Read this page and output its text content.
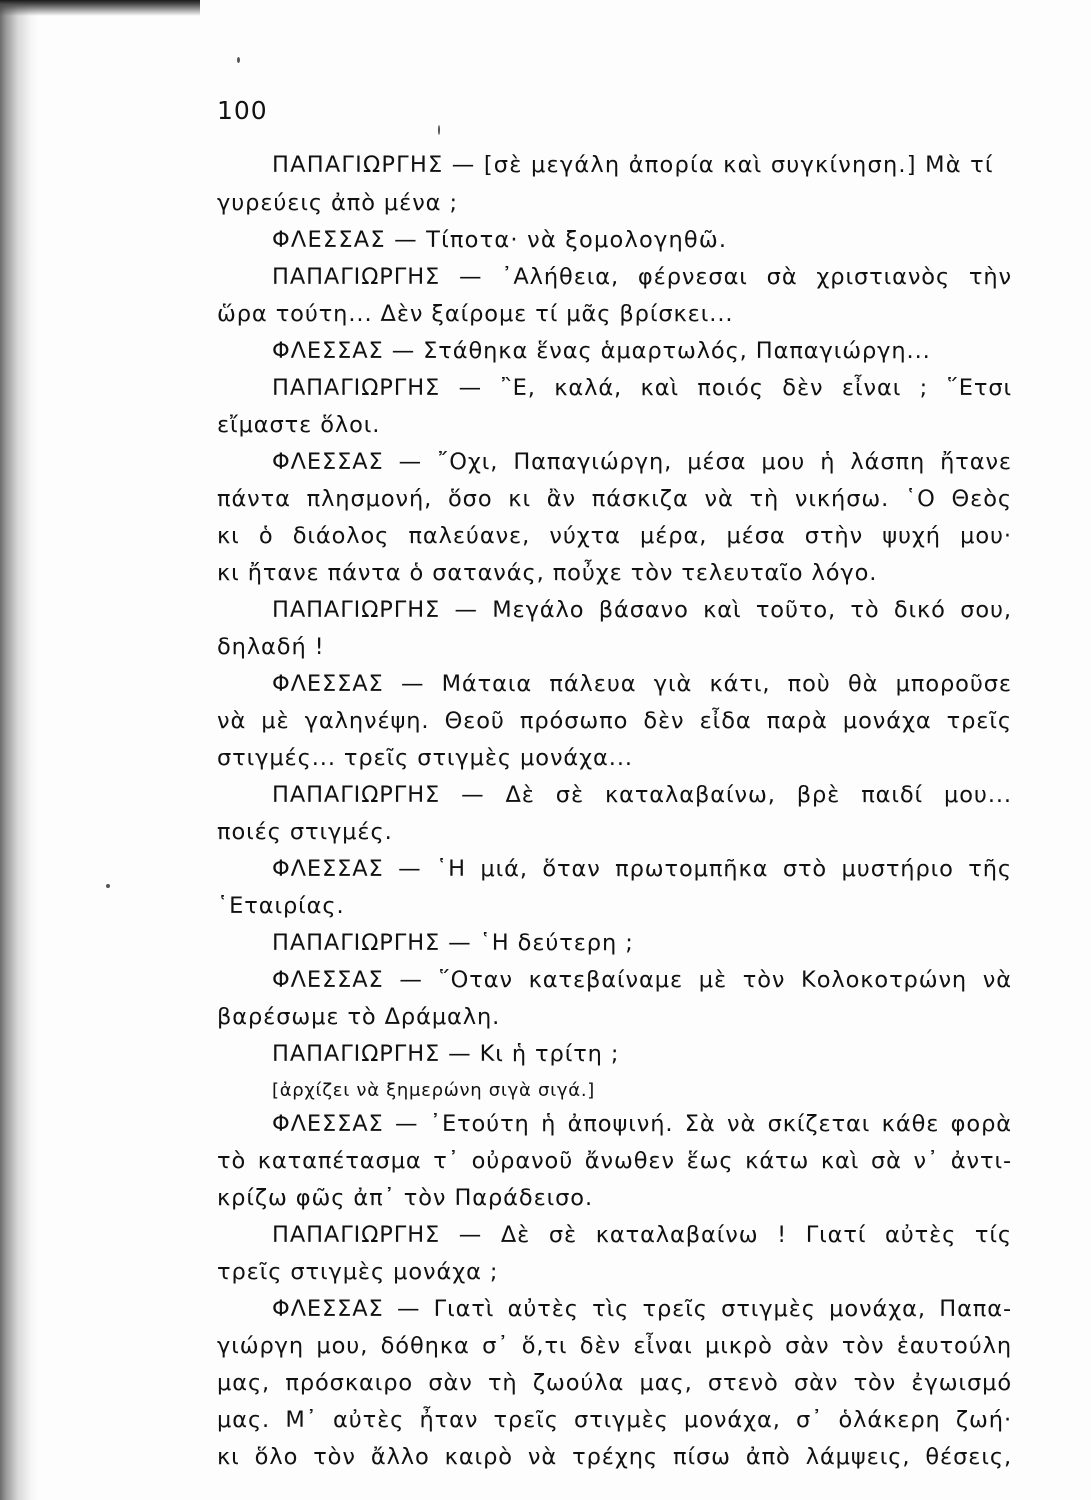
100
ΠΑΠΑΓΙΩΡΓΗΣ — [σὲ μεγάλη ἀπορία καὶ συγκίνηση.] Μὰ τί
γυρεύεις ἀπὸ μένα ;
ΦΛΕΣΣΑΣ — Τίποτα· νὰ ξομολογηθῶ.
ΠΑΠΑΓΙΩΡΓΗΣ — ᾿Αλήθεια, φέρνεσαι σὰ χριστιανὸς τὴν
ὥρα τούτη... Δὲν ξαίρομε τί μᾶς βρίσκει...
ΦΛΕΣΣΑΣ — Στάθηκα ἕνας ἁμαρτωλός, Παπαγιώργη...
ΠΑΠΑΓΙΩΡΓΗΣ — ῍Ε, καλά, καὶ ποιός δὲν εἶναι ; ῞Ετσι
εἴμαστε ὅλοι.
ΦΛΕΣΣΑΣ — ῎Οχι, Παπαγιώργη, μέσα μου ἡ λάσπη ἤτανε
πάντα πλησμονή, ὅσο κι ἂν πάσκιζα νὰ τὴ νικήσω. ῾Ο Θεὸς
κι ὁ διάολος παλεύανε, νύχτα μέρα, μέσα στὴν ψυχή μου·
κι ἤτανε πάντα ὁ σατανάς, ποὖχε τὸν τελευταῖο λόγο.
ΠΑΠΑΓΙΩΡΓΗΣ — Μεγάλο βάσανο καὶ τοῦτο, τὸ δικό σου,
δηλαδή !
ΦΛΕΣΣΑΣ — Μάταια πάλευα γιὰ κάτι, ποὺ θὰ μποροῦσε
νὰ μὲ γαληνέψη. Θεοῦ πρόσωπο δὲν εἶδα παρὰ μονάχα τρεῖς
στιγμές... τρεῖς στιγμὲς μονάχα...
ΠΑΠΑΓΙΩΡΓΗΣ — Δὲ σὲ καταλαβαίνω, βρὲ παιδί μου...
ποιές στιγμές.
ΦΛΕΣΣΑΣ — ῾Η μιά, ὅταν πρωτομπῆκα στὸ μυστήριο τῆς
῾Εταιρίας.
ΠΑΠΑΓΙΩΡΓΗΣ — ῾Η δεύτερη ;
ΦΛΕΣΣΑΣ — ῞Οταν κατεβαίναμε μὲ τὸν Κολοκοτρώνη νὰ
βαρέσωμε τὸ Δράμαλη.
ΠΑΠΑΓΙΩΡΓΗΣ — Κι ἡ τρίτη ;
[ἀρχίζει νὰ ξημερώνη σιγὰ σιγά.]
ΦΛΕΣΣΑΣ — ᾿Ετούτη ἡ ἀποψινή. Σὰ νὰ σκίζεται κάθε φορὰ
τὸ καταπέτασμα τ᾿ οὐρανοῦ ἄνωθεν ἕως κάτω καὶ σὰ ν᾿ ἀντι-
κρίζω φῶς ἀπ᾿ τὸν Παράδεισο.
ΠΑΠΑΓΙΩΡΓΗΣ — Δὲ σὲ καταλαβαίνω ! Γιατί αὐτὲς τίς
τρεῖς στιγμὲς μονάχα ;
ΦΛΕΣΣΑΣ — Γιατὶ αὐτὲς τὶς τρεῖς στιγμὲς μονάχα, Παπα-
γιώργη μου, δόθηκα σ᾿ ὅ,τι δὲν εἶναι μικρὸ σὰν τὸν ἑαυτούλη
μας, πρόσκαιρο σὰν τὴ ζωούλα μας, στενὸ σὰν τὸν ἐγωισμό
μας. Μ᾿ αὐτὲς ἦταν τρεῖς στιγμὲς μονάχα, σ᾿ ὁλάκερη ζωή·
κι ὅλο τὸν ἄλλο καιρὸ νὰ τρέχης πίσω ἀπὸ λάμψεις, θέσεις,
